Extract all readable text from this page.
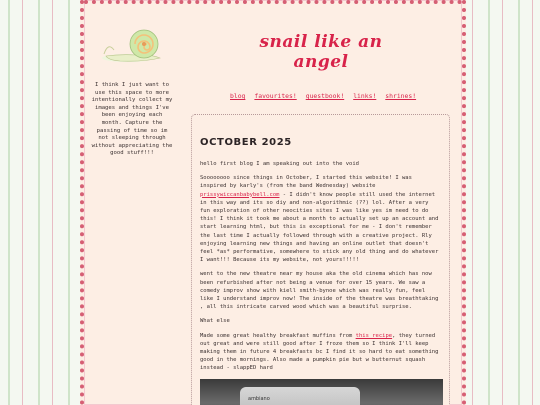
snail like an angel
I think I just want to use this space to more intentionally collect my images and things I've been enjoying each month. Capture the passing of time so im not sleeping through without appreciating the good stuff!!!
blog favourites! guestbook! links! shrines!
OCTOBER 2025

hello first blog I am speaking out into the void

Soooooooo since things in October, I started this website! I was inspired by karly's (from the band Wednesday) website prissywiccanbabybell.com - I didn't know people still used the internet in this way and its so diy and non-algorithmic (??) lol. After a very fun exploration of other neocities sites I was like yes im need to do this! I think it took me about a month to actually set up an account and start learning html, but this is exceptional for me - I don't remember the last time I actually followed through with a creative project. Rly enjoying learning new things and having an online outlet that doesn't feel *as* performative, somewhere to stick any old thing and do whatever I want!!! Because its my website, not yours!!!!!

went to the new theatre near my house aka the old cinema which has now been refurbished after not being a venue for over 15 years. We saw a comedy improv show with kiell smith-bynoe which was really fun, feel like I understand improv now! The inside of the theatre was breathtaking , all this intricate carved wood which was a beautiful surprise.

What else

Made some great healthy breakfast muffins from this recipe, they turned out great and were still good after I froze them so I think I'll keep making them in future 4 breakfasts bc I find it so hard to eat something good in the mornings. Also made a pumpkin pie but w butternut squash instead - slappED hard

ambiano
